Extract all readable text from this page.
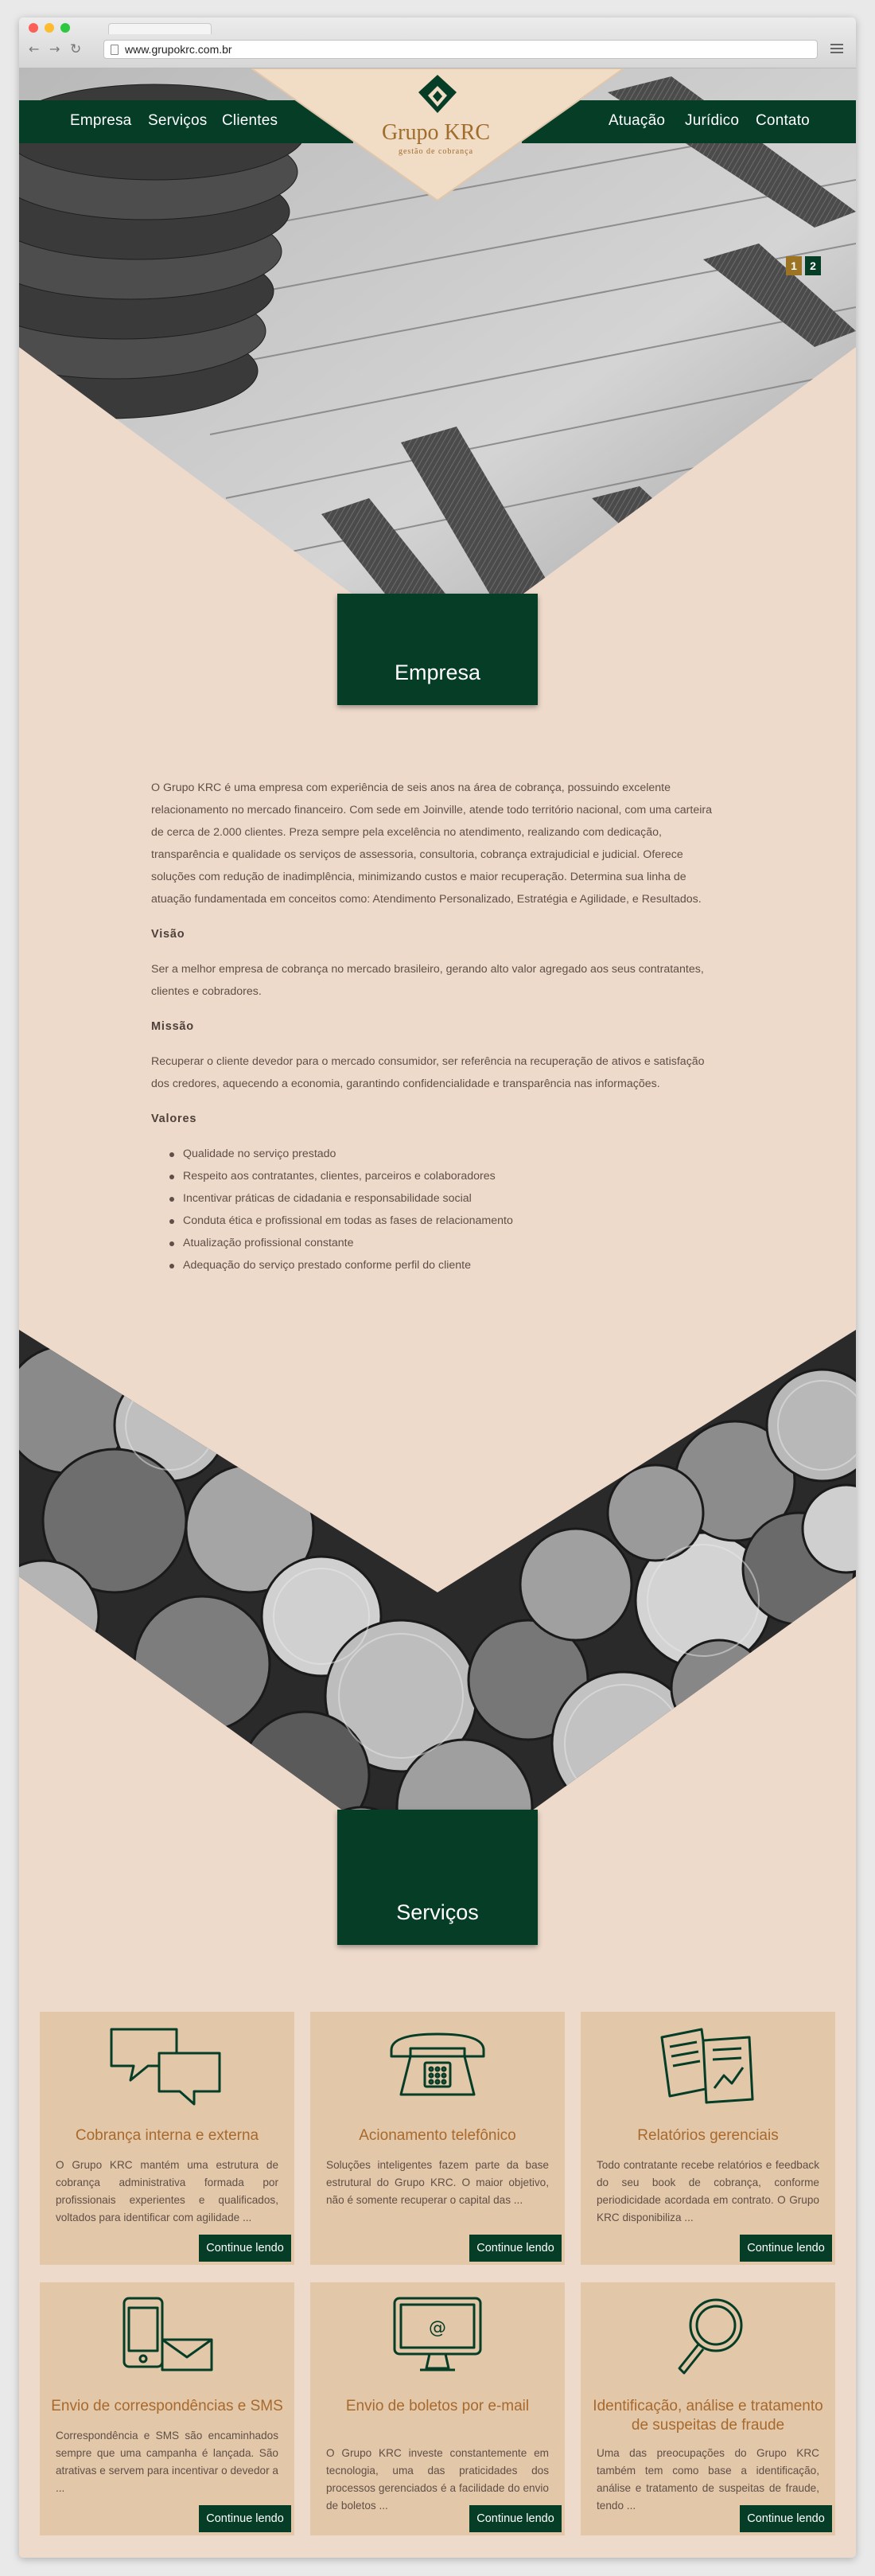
← → ↻	www.grupokrc.com.br
Grupo KRC
gestão de cobrança
Empresa Serviços Clientes	Atuação Jurídico Contato
1	2
Empresa

O Grupo KRC é uma empresa com experiência de seis anos na área de cobrança, possuindo excelente relacionamento no mercado financeiro. Com sede em Joinville, atende todo território nacional, com uma carteira de cerca de 2.000 clientes. Preza sempre pela excelência no atendimento, realizando com dedicação, transparência e qualidade os serviços de assessoria, consultoria, cobrança extrajudicial e judicial. Oferece soluções com redução de inadimplência, minimizando custos e maior recuperação. Determina sua linha de atuação fundamentada em conceitos como: Atendimento Personalizado, Estratégia e Agilidade, e Resultados.

Visão

Ser a melhor empresa de cobrança no mercado brasileiro, gerando alto valor agregado aos seus contratantes, clientes e cobradores.

Missão

Recuperar o cliente devedor para o mercado consumidor, ser referência na recuperação de ativos e satisfação dos credores, aquecendo a economia, garantindo confidencialidade e transparência nas informações.

Valores
Qualidade no serviço prestado
Respeito aos contratantes, clientes, parceiros e colaboradores
Incentivar práticas de cidadania e responsabilidade social
Conduta ética e profissional em todas as fases de relacionamento
Atualização profissional constante
Adequação do serviço prestado conforme perfil do cliente
Serviços
Cobrança interna e externa
O Grupo KRC mantém uma estrutura de cobrança administrativa formada por profissionais experientes e qualificados, voltados para identificar com agilidade ...
Continue lendo
Acionamento telefônico
Soluções inteligentes fazem parte da base estrutural do Grupo KRC. O maior objetivo, não é somente recuperar o capital das ...
Continue lendo
Relatórios gerenciais
Todo contratante recebe relatórios e feedback do seu book de cobrança, conforme periodicidade acordada em contrato. O Grupo KRC disponibiliza ...
Continue lendo
Envio de correspondências e SMS
Correspondência e SMS são encaminhados sempre que uma campanha é lançada. São atrativas e servem para incentivar o devedor a ...
Continue lendo
@
Envio de boletos por e-mail
O Grupo KRC investe constantemente em tecnologia, uma das praticidades dos processos gerenciados é a facilidade do envio de boletos ...
Continue lendo
Identificação, análise e tratamento de suspeitas de fraude
Uma das preocupações do Grupo KRC também tem como base a identificação, análise e tratamento de suspeitas de fraude, tendo ...
Continue lendo
